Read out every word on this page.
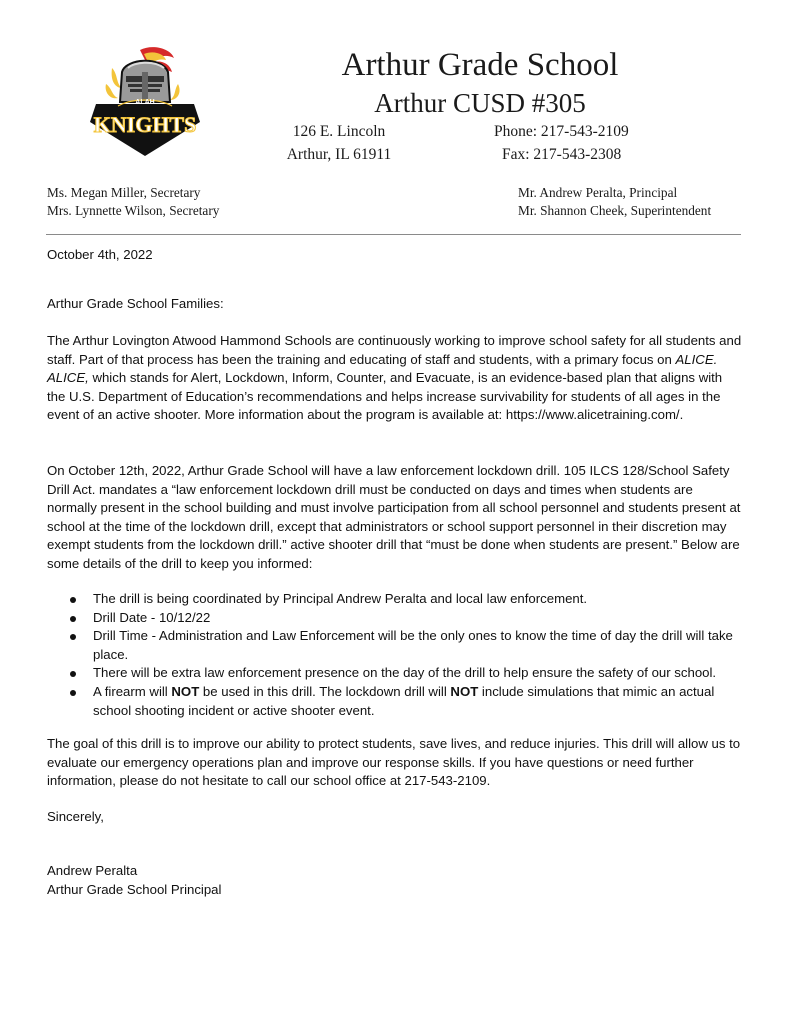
ALAH
KNIGHTS
Arthur Grade School
Arthur CUSD #305
126 E. Lincoln
Arthur, IL 61911
Phone: 217-543-2109
Fax: 217-543-2308
Ms. Megan Miller, Secretary
Mrs. Lynnette Wilson, Secretary
Mr. Andrew Peralta, Principal
Mr. Shannon Cheek, Superintendent

October 4th, 2022

Arthur Grade School Families:

The Arthur Lovington Atwood Hammond Schools are continuously working to improve school safety for all students and staff. Part of that process has been the training and educating of staff and students, with a primary focus on ALICE. ALICE, which stands for Alert, Lockdown, Inform, Counter, and Evacuate, is an evidence-based plan that aligns with the U.S. Department of Education’s recommendations and helps increase survivability for students of all ages in the event of an active shooter. More information about the program is available at: https://www.alicetraining.com/.

On October 12th, 2022, Arthur Grade School will have a law enforcement lockdown drill. 105 ILCS 128/School Safety Drill Act. mandates a “law enforcement lockdown drill must be conducted on days and times when students are normally present in the school building and must involve participation from all school personnel and students present at school at the time of the lockdown drill, except that administrators or school support personnel in their discretion may exempt students from the lockdown drill.” active shooter drill that “must be done when students are present.” Below are some details of the drill to keep you informed:

The drill is being coordinated by Principal Andrew Peralta and local law enforcement.
Drill Date - 10/12/22
Drill Time - Administration and Law Enforcement will be the only ones to know the time of day the drill will take place.
There will be extra law enforcement presence on the day of the drill to help ensure the safety of our school.
A firearm will NOT be used in this drill. The lockdown drill will NOT include simulations that mimic an actual school shooting incident or active shooter event.

The goal of this drill is to improve our ability to protect students, save lives, and reduce injuries. This drill will allow us to evaluate our emergency operations plan and improve our response skills. If you have questions or need further information, please do not hesitate to call our school office at 217-543-2109.

Sincerely,

Andrew Peralta

Arthur Grade School Principal
